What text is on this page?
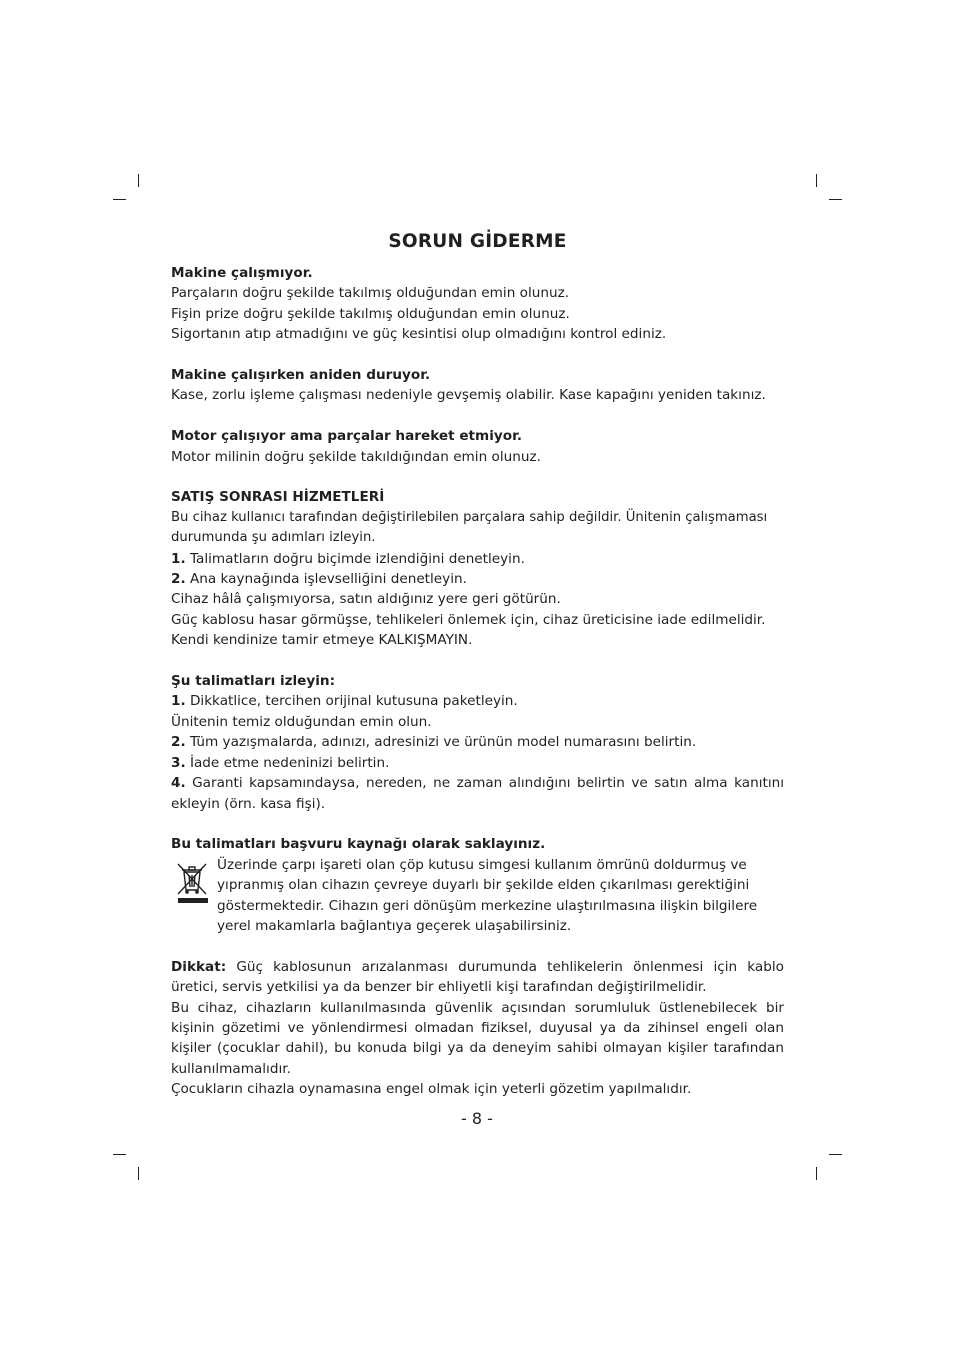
SORUN GİDERME

Makine çalışmıyor.

Parçaların doğru şekilde takılmış olduğundan emin olunuz.

Fişin prize doğru şekilde takılmış olduğundan emin olunuz.

Sigortanın atıp atmadığını ve güç kesintisi olup olmadığını kontrol ediniz.

Makine çalışırken aniden duruyor.

Kase, zorlu işleme çalışması nedeniyle gevşemiş olabilir. Kase kapağını yeniden takınız.

Motor çalışıyor ama parçalar hareket etmiyor.

Motor milinin doğru şekilde takıldığından emin olunuz.

SATIŞ SONRASI HİZMETLERİ

Bu cihaz kullanıcı tarafından değiştirilebilen parçalara sahip değildir. Ünitenin çalışmaması durumunda şu adımları izleyin.

1. Talimatların doğru biçimde izlendiğini denetleyin.

2. Ana kaynağında işlevselliğini denetleyin.

Cihaz hâlâ çalışmıyorsa, satın aldığınız yere geri götürün.

Güç kablosu hasar görmüşse, tehlikeleri önlemek için, cihaz üreticisine iade edilmelidir.

Kendi kendinize tamir etmeye KALKIŞMAYIN.

Şu talimatları izleyin:

1. Dikkatlice, tercihen orijinal kutusuna paketleyin.

Ünitenin temiz olduğundan emin olun.

2. Tüm yazışmalarda, adınızı, adresinizi ve ürünün model numarasını belirtin.

3. İade etme nedeninizi belirtin.

4. Garanti kapsamındaysa, nereden, ne zaman alındığını belirtin ve satın alma kanıtını ekleyin (örn. kasa fişi).

Bu talimatları başvuru kaynağı olarak saklayınız.

Üzerinde çarpı işareti olan çöp kutusu simgesi kullanım ömrünü doldurmuş ve yıpranmış olan cihazın çevreye duyarlı bir şekilde elden çıkarılması gerektiğini göstermektedir. Cihazın geri dönüşüm merkezine ulaştırılmasına ilişkin bilgilere yerel makamlarla bağlantıya geçerek ulaşabilirsiniz.

Dikkat: Güç kablosunun arızalanması durumunda tehlikelerin önlenmesi için kablo üretici, servis yetkilisi ya da benzer bir ehliyetli kişi tarafından değiştirilmelidir.

Bu cihaz, cihazların kullanılmasında güvenlik açısından sorumluluk üstlenebilecek bir kişinin gözetimi ve yönlendirmesi olmadan fiziksel, duyusal ya da zihinsel engeli olan kişiler (çocuklar dahil), bu konuda bilgi ya da deneyim sahibi olmayan kişiler tarafından kullanılmamalıdır.

Çocukların cihazla oynamasına engel olmak için yeterli gözetim yapılmalıdır.

- 8 -
